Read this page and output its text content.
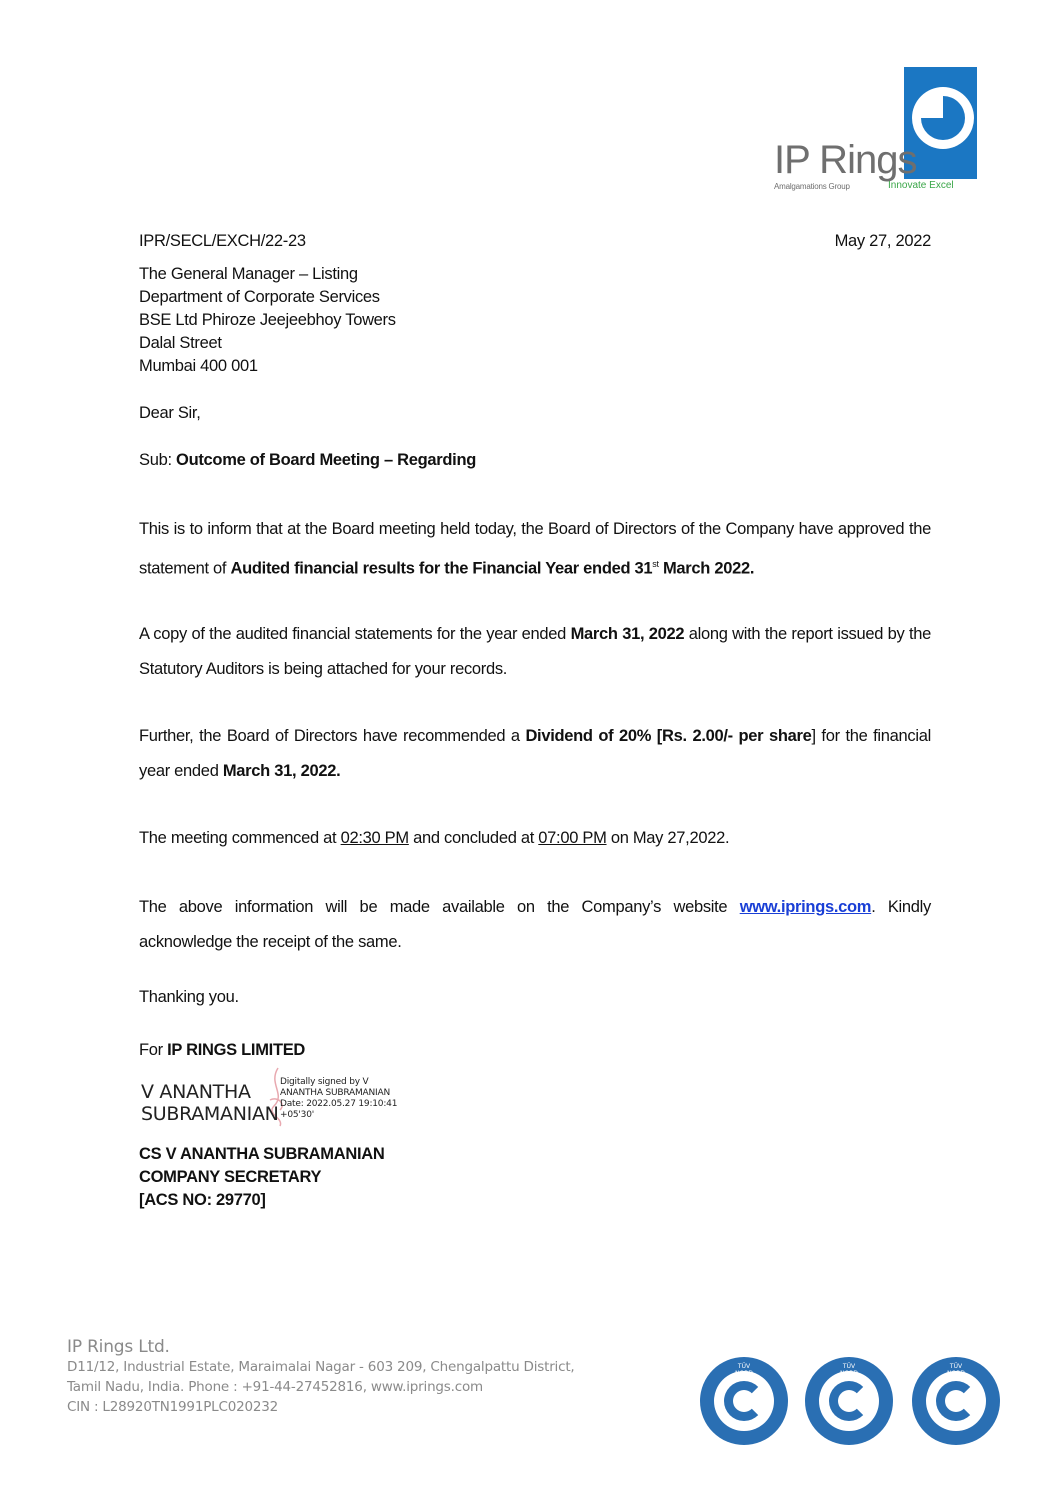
IP Rings
Amalgamations Group	Innovate Excel
IPR/SECL/EXCH/22-23	May 27, 2022
The General Manager – Listing
Department of Corporate Services
BSE Ltd Phiroze Jeejeebhoy Towers
Dalal Street
Mumbai 400 001
Dear Sir,
Sub: Outcome of Board Meeting – Regarding
This is to inform that at the Board meeting held today, the Board of Directors of the Company have approved the statement of Audited financial results for the Financial Year ended 31st March 2022.
A copy of the audited financial statements for the year ended March 31, 2022 along with the report issued by the Statutory Auditors is being attached for your records.
Further, the Board of Directors have recommended a Dividend of 20% [Rs. 2.00/- per share] for the financial year ended March 31, 2022.
The meeting commenced at 02:30 PM and concluded at 07:00 PM on May 27,2022.
The above information will be made available on the Company’s website www.iprings.com. Kindly acknowledge the receipt of the same.
Thanking you.
For IP RINGS LIMITED
V ANANTHA
SUBRAMANIAN
Digitally signed by V
ANANTHA SUBRAMANIAN
Date: 2022.05.27 19:10:41
+05'30'
CS V ANANTHA SUBRAMANIAN
COMPANY SECRETARY
[ACS NO: 29770]
IP Rings Ltd.
D11/12, Industrial Estate, Maraimalai Nagar - 603 209, Chengalpattu District,
Tamil Nadu, India. Phone : +91-44-27452816, www.iprings.com
CIN : L28920TN1991PLC020232
TÜV NORD
TÜV NORD
TÜV NORD
